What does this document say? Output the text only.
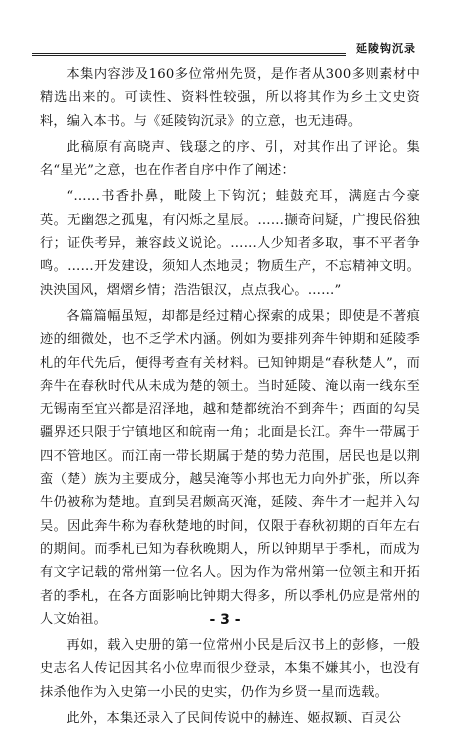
延陵钩沉录

本集内容涉及160多位常州先贤，是作者从300多则素材中精选出来的。可读性、资料性较强，所以将其作为乡土文史资料，编入本书。与《延陵钩沉录》的立意，也无违碍。

此稿原有高晓声、钱璱之的序、引，对其作出了评论。集名“星光”之意，也在作者自序中作了阐述：

“……书香扑鼻，毗陵上下钩沉；蛙鼓充耳，满庭古今豪英。无幽怨之孤鬼，有闪烁之星辰。……撷奇问疑，广搜民俗独行；证佚考异，兼容歧义说论。……人少知者多取，事不平者争鸣。……开发建设，须知人杰地灵；物质生产，不忘精神文明。泱泱国风，熠熠乡情；浩浩银汉，点点我心。……”

各篇篇幅虽短，却都是经过精心探索的成果；即使是不著痕迹的细微处，也不乏学术内涵。例如为要排列奔牛钟期和延陵季札的年代先后，便得考查有关材料。已知钟期是“春秋楚人”，而奔牛在春秋时代从未成为楚的领土。当时延陵、淹以南一线东至无锡南至宜兴都是沼泽地，越和楚都统治不到奔牛；西面的勾吴疆界还只限于宁镇地区和皖南一角；北面是长江。奔牛一带属于四不管地区。而江南一带长期属于楚的势力范围，居民也是以荆蛮（楚）族为主要成分，越吴淹等小邦也无力向外扩张，所以奔牛仍被称为楚地。直到吴君颇高灭淹，延陵、奔牛才一起并入勾吴。因此奔牛称为春秋楚地的时间，仅限于春秋初期的百年左右的期间。而季札已知为春秋晚期人，所以钟期早于季札，而成为有文字记载的常州第一位名人。因为作为常州第一位领主和开拓者的季札，在各方面影响比钟期大得多，所以季札仍应是常州的人文始祖。

再如，载入史册的第一位常州小民是后汉书上的彭修，一般史志名人传记因其名小位卑而很少登录，本集不嫌其小，也没有抹杀他作为入史第一小民的史实，仍作为乡贤一星而选载。

此外，本集还录入了民间传说中的赫连、姬叔颖、百灵公

- 3 -
